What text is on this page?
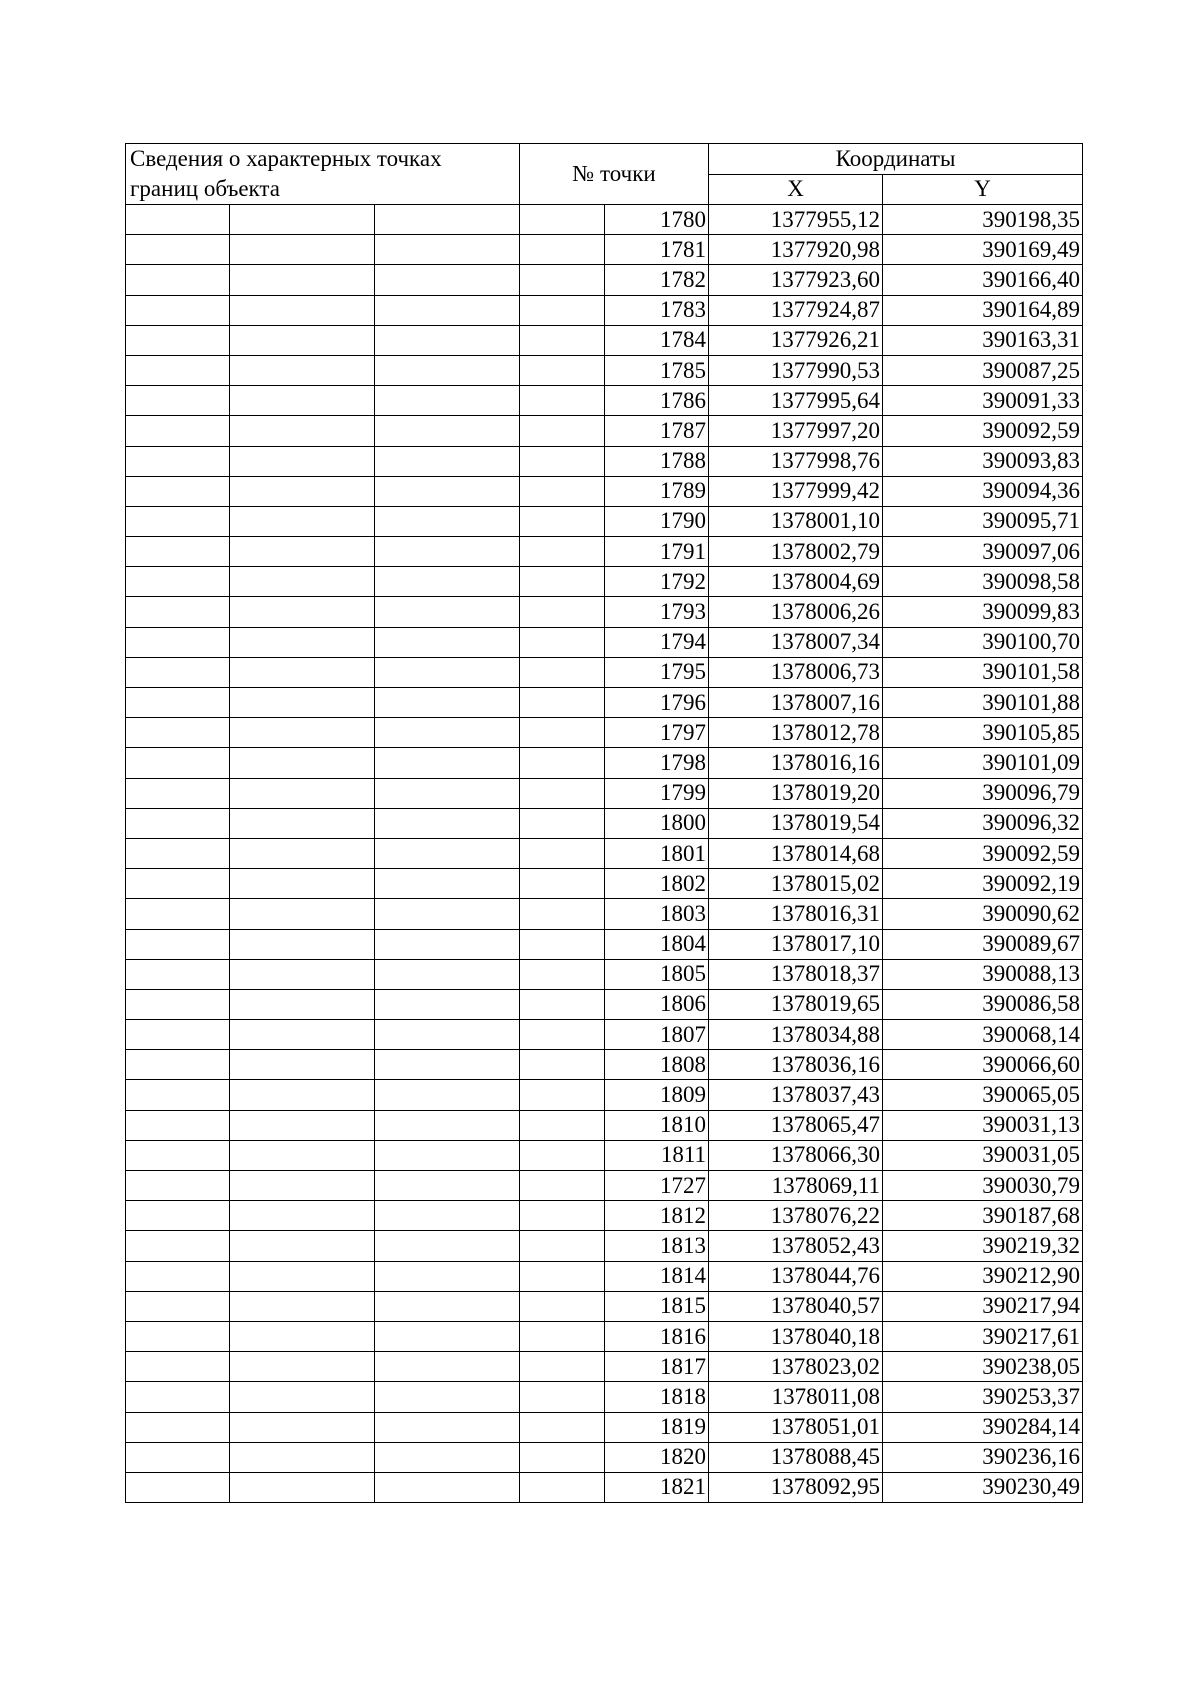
Сведения о характерных точках границ объекта			№ точки		Координаты	
					X	Y
				1780	1377955,12	390198,35
				1781	1377920,98	390169,49
				1782	1377923,60	390166,40
				1783	1377924,87	390164,89
				1784	1377926,21	390163,31
				1785	1377990,53	390087,25
				1786	1377995,64	390091,33
				1787	1377997,20	390092,59
				1788	1377998,76	390093,83
				1789	1377999,42	390094,36
				1790	1378001,10	390095,71
				1791	1378002,79	390097,06
				1792	1378004,69	390098,58
				1793	1378006,26	390099,83
				1794	1378007,34	390100,70
				1795	1378006,73	390101,58
				1796	1378007,16	390101,88
				1797	1378012,78	390105,85
				1798	1378016,16	390101,09
				1799	1378019,20	390096,79
				1800	1378019,54	390096,32
				1801	1378014,68	390092,59
				1802	1378015,02	390092,19
				1803	1378016,31	390090,62
				1804	1378017,10	390089,67
				1805	1378018,37	390088,13
				1806	1378019,65	390086,58
				1807	1378034,88	390068,14
				1808	1378036,16	390066,60
				1809	1378037,43	390065,05
				1810	1378065,47	390031,13
				1811	1378066,30	390031,05
				1727	1378069,11	390030,79
				1812	1378076,22	390187,68
				1813	1378052,43	390219,32
				1814	1378044,76	390212,90
				1815	1378040,57	390217,94
				1816	1378040,18	390217,61
				1817	1378023,02	390238,05
				1818	1378011,08	390253,37
				1819	1378051,01	390284,14
				1820	1378088,45	390236,16
				1821	1378092,95	390230,49
